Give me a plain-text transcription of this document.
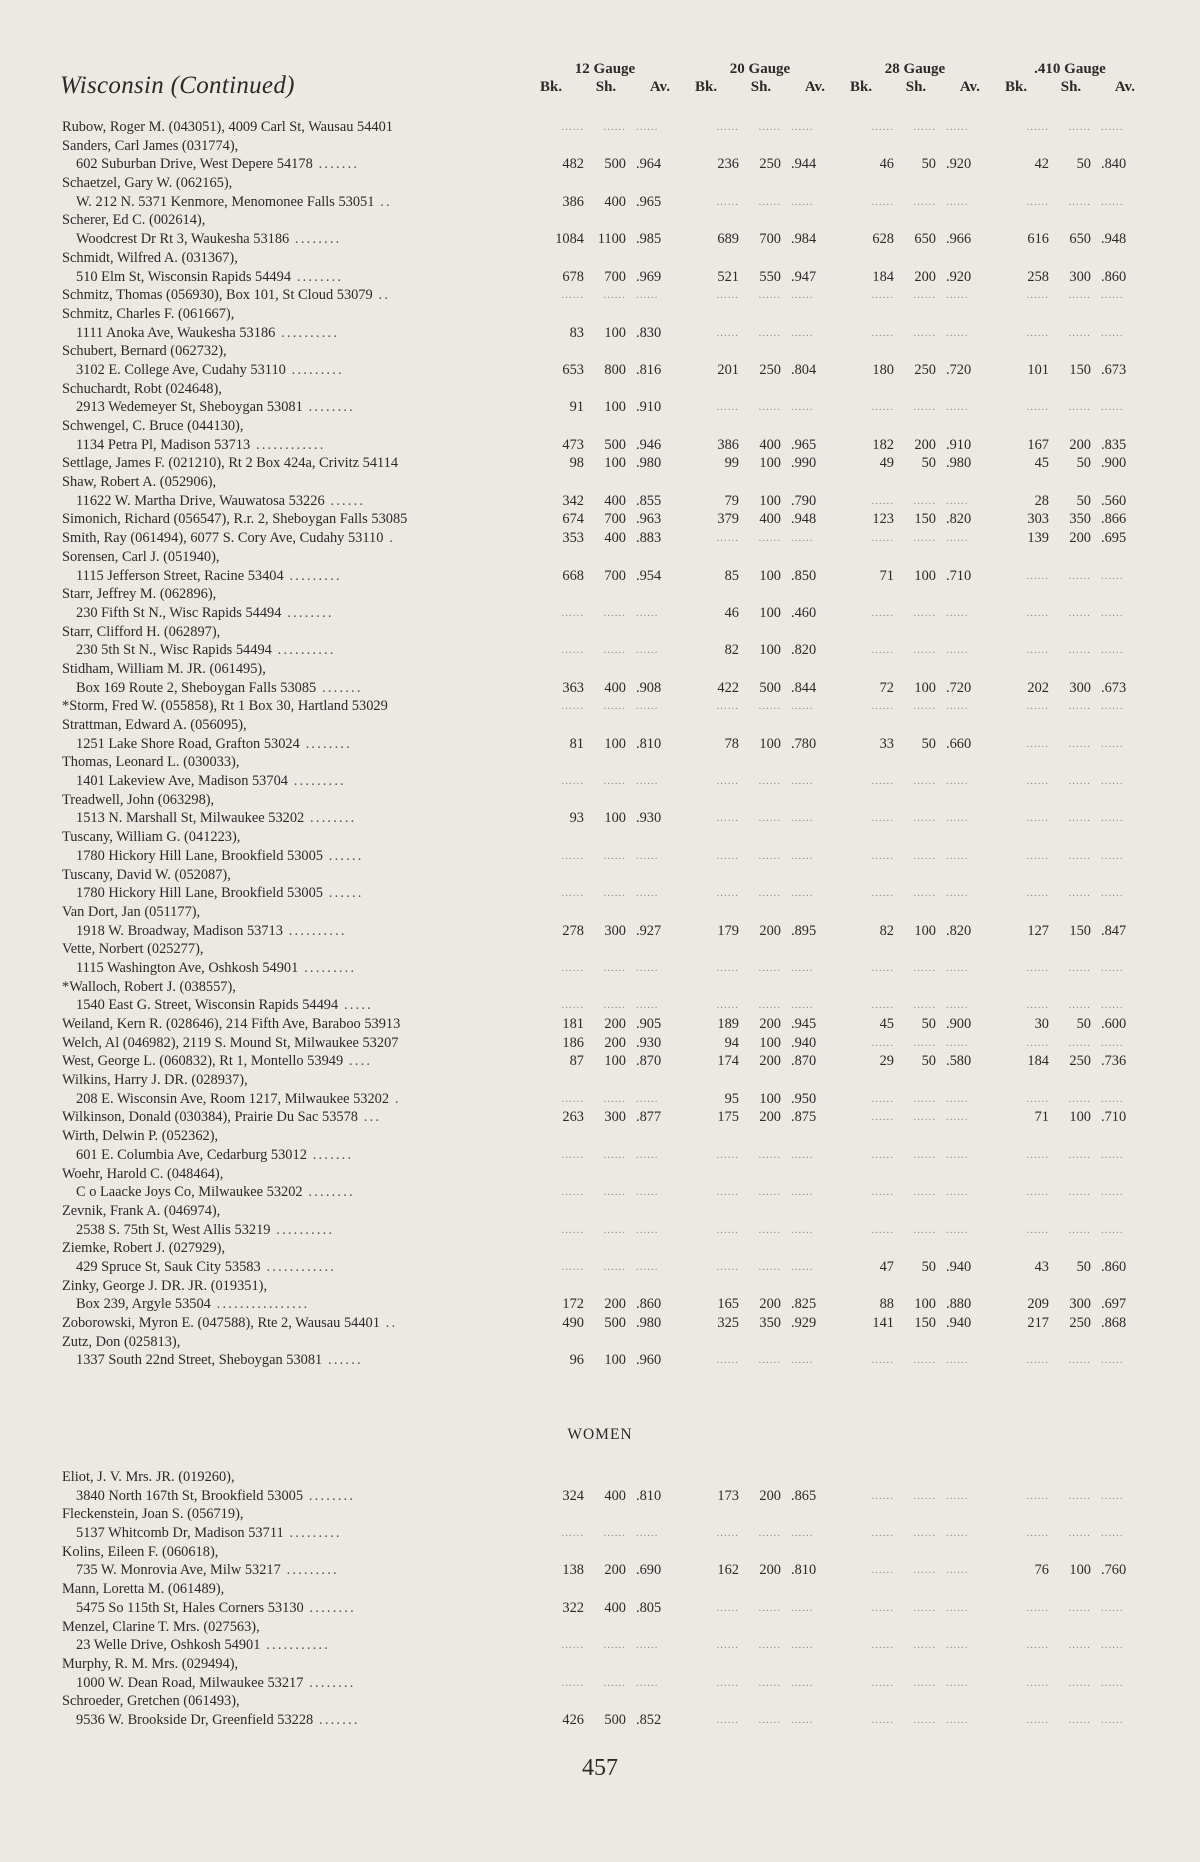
Wisconsin (Continued)
12 Gauge
Bk. Sh. Av.
20 Gauge
Bk. Sh. Av.
28 Gauge
Bk. Sh. Av.
.410 Gauge
Bk. Sh. Av.
Rubow, Roger M. (043051), 4009 Carl St, Wausau 54401	......	...... ......	......	...... ......	......	...... ......	......	...... ......
Sanders, Carl James (031774),
602 Suburban Drive, West Depere 54178 .......	482	500 .964	236	250 .944	46	50 .920	42	50 .840
Schaetzel, Gary W. (062165),
W. 212 N. 5371 Kenmore, Menomonee Falls 53051 ..	386	400 .965	......	...... ......	......	...... ......	......	...... ......
Scherer, Ed C. (002614),
Woodcrest Dr Rt 3, Waukesha 53186 ........	1084 1100 .985	689	700 .984	628	650 .966	616	650 .948
Schmidt, Wilfred A. (031367),
510 Elm St, Wisconsin Rapids 54494 ........	678	700 .969	521	550 .947	184	200 .920	258	300 .860
Schmitz, Thomas (056930), Box 101, St Cloud 53079 ..	......	...... ......	......	...... ......	......	...... ......	......	...... ......
Schmitz, Charles F. (061667),
1111 Anoka Ave, Waukesha 53186 ..........	83	100 .830	......	...... ......	......	...... ......	......	...... ......
Schubert, Bernard (062732),
3102 E. College Ave, Cudahy 53110 .........	653	800 .816	201	250 .804	180	250 .720	101	150 .673
Schuchardt, Robt (024648),
2913 Wedemeyer St, Sheboygan 53081 ........	91	100 .910	......	...... ......	......	...... ......	......	...... ......
Schwengel, C. Bruce (044130),
1134 Petra Pl, Madison 53713 ............	473	500 .946	386	400 .965	182	200 .910	167	200 .835
Settlage, James F. (021210), Rt 2 Box 424a, Crivitz 54114	98	100 .980	99	100 .990	49	50 .980	45	50 .900
Shaw, Robert A. (052906),
11622 W. Martha Drive, Wauwatosa 53226 ......	342	400 .855	79	100 .790	......	...... ......	28	50 .560
Simonich, Richard (056547), R.r. 2, Sheboygan Falls 53085	674	700 .963	379	400 .948	123	150 .820	303	350 .866
Smith, Ray (061494), 6077 S. Cory Ave, Cudahy 53110 .	353	400 .883	......	...... ......	......	...... ......	139	200 .695
Sorensen, Carl J. (051940),
1115 Jefferson Street, Racine 53404 .........	668	700 .954	85	100 .850	71	100 .710	......	...... ......
Starr, Jeffrey M. (062896),
230 Fifth St N., Wisc Rapids 54494 ........	......	...... ......	46	100 .460	......	...... ......	......	...... ......
Starr, Clifford H. (062897),
230 5th St N., Wisc Rapids 54494 ..........	......	...... ......	82	100 .820	......	...... ......	......	...... ......
Stidham, William M. JR. (061495),
Box 169 Route 2, Sheboygan Falls 53085 .......	363	400 .908	422	500 .844	72	100 .720	202	300 .673
*Storm, Fred W. (055858), Rt 1 Box 30, Hartland 53029	......	...... ......	......	...... ......	......	...... ......	......	...... ......
Strattman, Edward A. (056095),
1251 Lake Shore Road, Grafton 53024 ........	81	100 .810	78	100 .780	33	50 .660	......	...... ......
Thomas, Leonard L. (030033),
1401 Lakeview Ave, Madison 53704 .........	......	...... ......	......	...... ......	......	...... ......	......	...... ......
Treadwell, John (063298),
1513 N. Marshall St, Milwaukee 53202 ........	93	100 .930	......	...... ......	......	...... ......	......	...... ......
Tuscany, William G. (041223),
1780 Hickory Hill Lane, Brookfield 53005 ......	......	...... ......	......	...... ......	......	...... ......	......	...... ......
Tuscany, David W. (052087),
1780 Hickory Hill Lane, Brookfield 53005 ......	......	...... ......	......	...... ......	......	...... ......	......	...... ......
Van Dort, Jan (051177),
1918 W. Broadway, Madison 53713 ..........	278	300 .927	179	200 .895	82	100 .820	127	150 .847
Vette, Norbert (025277),
1115 Washington Ave, Oshkosh 54901 .........	......	...... ......	......	...... ......	......	...... ......	......	...... ......
*Walloch, Robert J. (038557),
1540 East G. Street, Wisconsin Rapids 54494 .....	......	...... ......	......	...... ......	......	...... ......	......	...... ......
Weiland, Kern R. (028646), 214 Fifth Ave, Baraboo 53913	181	200 .905	189	200 .945	45	50 .900	30	50 .600
Welch, Al (046982), 2119 S. Mound St, Milwaukee 53207	186	200 .930	94	100 .940	......	...... ......	......	...... ......
West, George L. (060832), Rt 1, Montello 53949 ....	87	100 .870	174	200 .870	29	50 .580	184	250 .736
Wilkins, Harry J. DR. (028937),
208 E. Wisconsin Ave, Room 1217, Milwaukee 53202 .	......	...... ......	95	100 .950	......	...... ......	......	...... ......
Wilkinson, Donald (030384), Prairie Du Sac 53578 ...	263	300 .877	175	200 .875	......	...... ......	71	100 .710
Wirth, Delwin P. (052362),
601 E. Columbia Ave, Cedarburg 53012 .......	......	...... ......	......	...... ......	......	...... ......	......	...... ......
Woehr, Harold C. (048464),
C o Laacke Joys Co, Milwaukee 53202 ........	......	...... ......	......	...... ......	......	...... ......	......	...... ......
Zevnik, Frank A. (046974),
2538 S. 75th St, West Allis 53219 ..........	......	...... ......	......	...... ......	......	...... ......	......	...... ......
Ziemke, Robert J. (027929),
429 Spruce St, Sauk City 53583 ............	......	...... ......	......	...... ......	47	50 .940	43	50 .860
Zinky, George J. DR. JR. (019351),
Box 239, Argyle 53504 ................	172	200 .860	165	200 .825	88	100 .880	209	300 .697
Zoborowski, Myron E. (047588), Rte 2, Wausau 54401 ..	490	500 .980	325	350 .929	141	150 .940	217	250 .868
Zutz, Don (025813),
1337 South 22nd Street, Sheboygan 53081 ......	96	100 .960	......	...... ......	......	...... ......	......	...... ......
WOMEN
Eliot, J. V. Mrs. JR. (019260),
3840 North 167th St, Brookfield 53005 ........	324	400 .810	173	200 .865	......	...... ......	......	...... ......
Fleckenstein, Joan S. (056719),
5137 Whitcomb Dr, Madison 53711 .........	......	...... ......	......	...... ......	......	...... ......	......	...... ......
Kolins, Eileen F. (060618),
735 W. Monrovia Ave, Milw 53217 .........	138	200 .690	162	200 .810	......	...... ......	76	100 .760
Mann, Loretta M. (061489),
5475 So 115th St, Hales Corners 53130 ........	322	400 .805	......	...... ......	......	...... ......	......	...... ......
Menzel, Clarine T. Mrs. (027563),
23 Welle Drive, Oshkosh 54901 ...........	......	...... ......	......	...... ......	......	...... ......	......	...... ......
Murphy, R. M. Mrs. (029494),
1000 W. Dean Road, Milwaukee 53217 ........	......	...... ......	......	...... ......	......	...... ......	......	...... ......
Schroeder, Gretchen (061493),
9536 W. Brookside Dr, Greenfield 53228 .......	426	500 .852	......	...... ......	......	...... ......	......	...... ......
457
